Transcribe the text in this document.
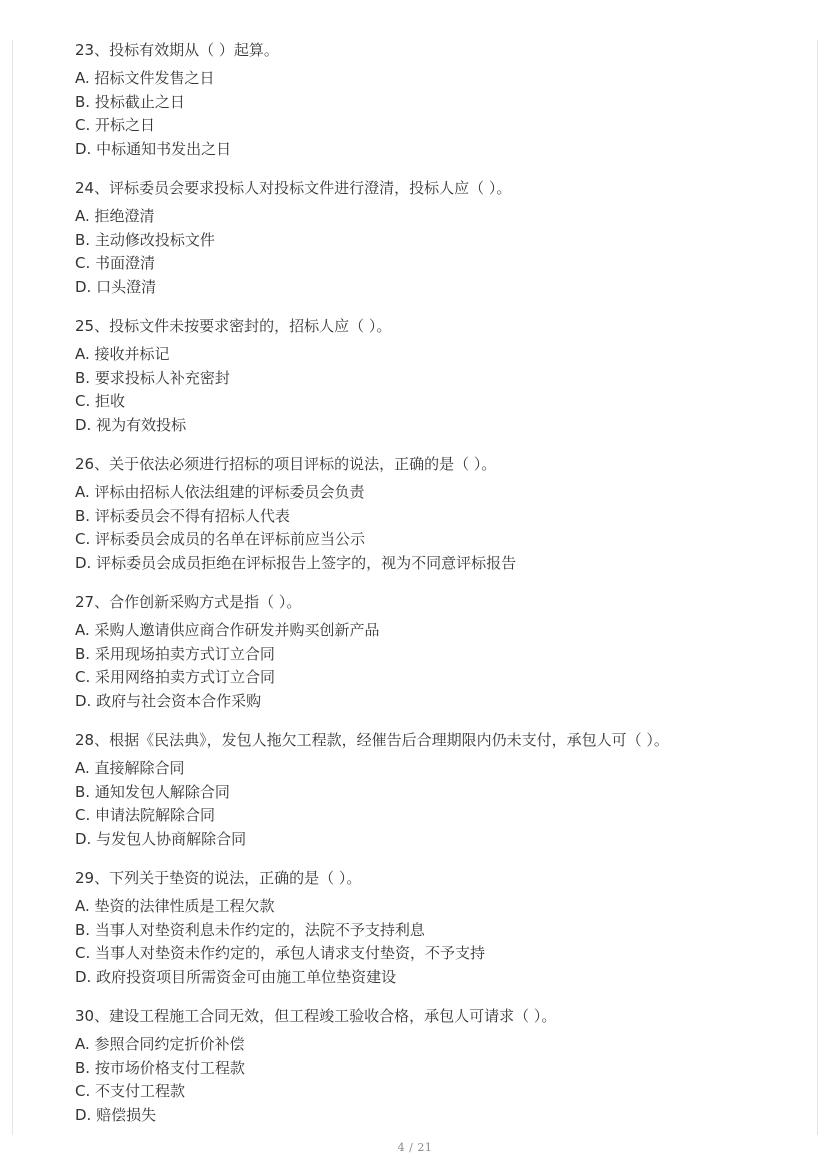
23、投标有效期从（ ）起算。
A. 招标文件发售之日
B. 投标截止之日
C. 开标之日
D. 中标通知书发出之日
24、评标委员会要求投标人对投标文件进行澄清，投标人应（ ）。
A. 拒绝澄清
B. 主动修改投标文件
C. 书面澄清
D. 口头澄清
25、投标文件未按要求密封的，招标人应（ ）。
A. 接收并标记
B. 要求投标人补充密封
C. 拒收
D. 视为有效投标
26、关于依法必须进行招标的项目评标的说法，正确的是（ ）。
A. 评标由招标人依法组建的评标委员会负责
B. 评标委员会不得有招标人代表
C. 评标委员会成员的名单在评标前应当公示
D. 评标委员会成员拒绝在评标报告上签字的，视为不同意评标报告
27、合作创新采购方式是指（ ）。
A. 采购人邀请供应商合作研发并购买创新产品
B. 采用现场拍卖方式订立合同
C. 采用网络拍卖方式订立合同
D. 政府与社会资本合作采购
28、根据《民法典》，发包人拖欠工程款，经催告后合理期限内仍未支付，承包人可（ ）。
A. 直接解除合同
B. 通知发包人解除合同
C. 申请法院解除合同
D. 与发包人协商解除合同
29、下列关于垫资的说法，正确的是（ ）。
A. 垫资的法律性质是工程欠款
B. 当事人对垫资利息未作约定的，法院不予支持利息
C. 当事人对垫资未作约定的，承包人请求支付垫资，不予支持
D. 政府投资项目所需资金可由施工单位垫资建设
30、建设工程施工合同无效，但工程竣工验收合格，承包人可请求（ ）。
A. 参照合同约定折价补偿
B. 按市场价格支付工程款
C. 不支付工程款
D. 赔偿损失
4 / 21
